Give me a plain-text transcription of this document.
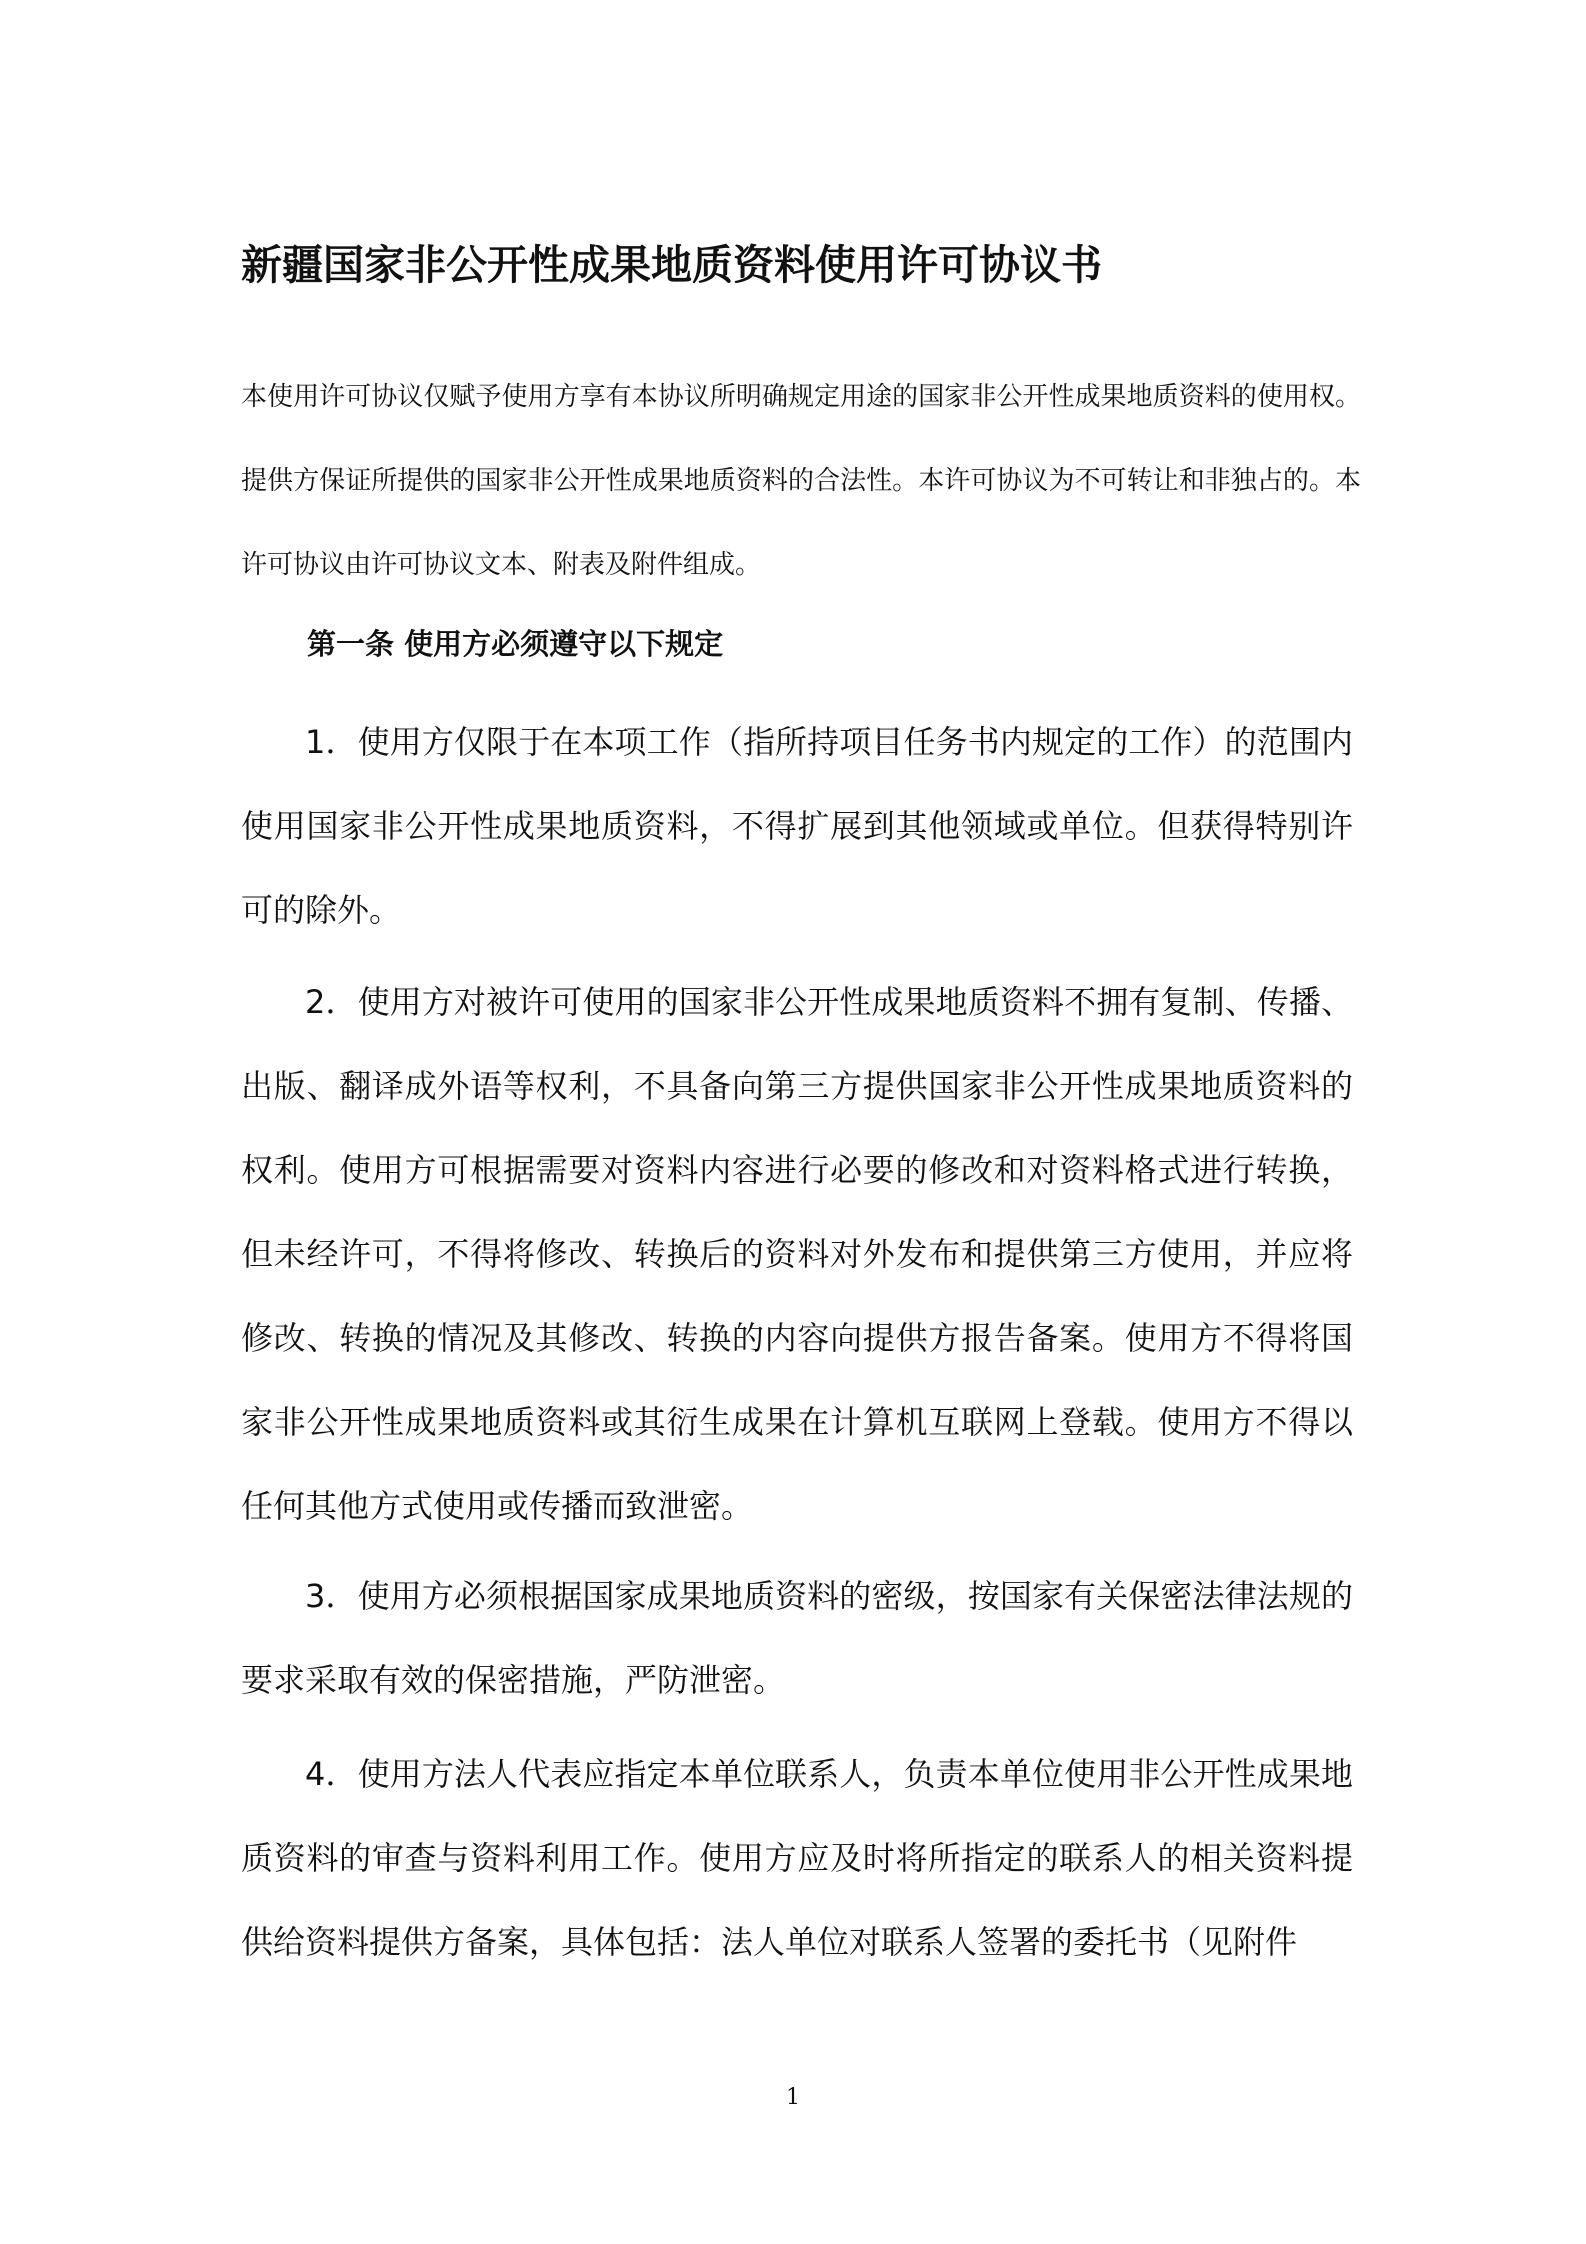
新疆国家非公开性成果地质资料使用许可协议书
本使用许可协议仅赋予使用方享有本协议所明确规定用途的国家非公开性成果地质资料的使用权。提供方保证所提供的国家非公开性成果地质资料的合法性。本许可协议为不可转让和非独占的。本许可协议由许可协议文本、附表及附件组成。
第一条 使用方必须遵守以下规定
1．使用方仅限于在本项工作（指所持项目任务书内规定的工作）的范围内使用国家非公开性成果地质资料，不得扩展到其他领域或单位。但获得特别许可的除外。
2．使用方对被许可使用的国家非公开性成果地质资料不拥有复制、传播、出版、翻译成外语等权利，不具备向第三方提供国家非公开性成果地质资料的权利。使用方可根据需要对资料内容进行必要的修改和对资料格式进行转换，但未经许可，不得将修改、转换后的资料对外发布和提供第三方使用，并应将修改、转换的情况及其修改、转换的内容向提供方报告备案。使用方不得将国家非公开性成果地质资料或其衍生成果在计算机互联网上登载。使用方不得以任何其他方式使用或传播而致泄密。
3．使用方必须根据国家成果地质资料的密级，按国家有关保密法律法规的要求采取有效的保密措施，严防泄密。
4．使用方法人代表应指定本单位联系人，负责本单位使用非公开性成果地质资料的审查与资料利用工作。使用方应及时将所指定的联系人的相关资料提供给资料提供方备案，具体包括：法人单位对联系人签署的委托书（见附件
1
